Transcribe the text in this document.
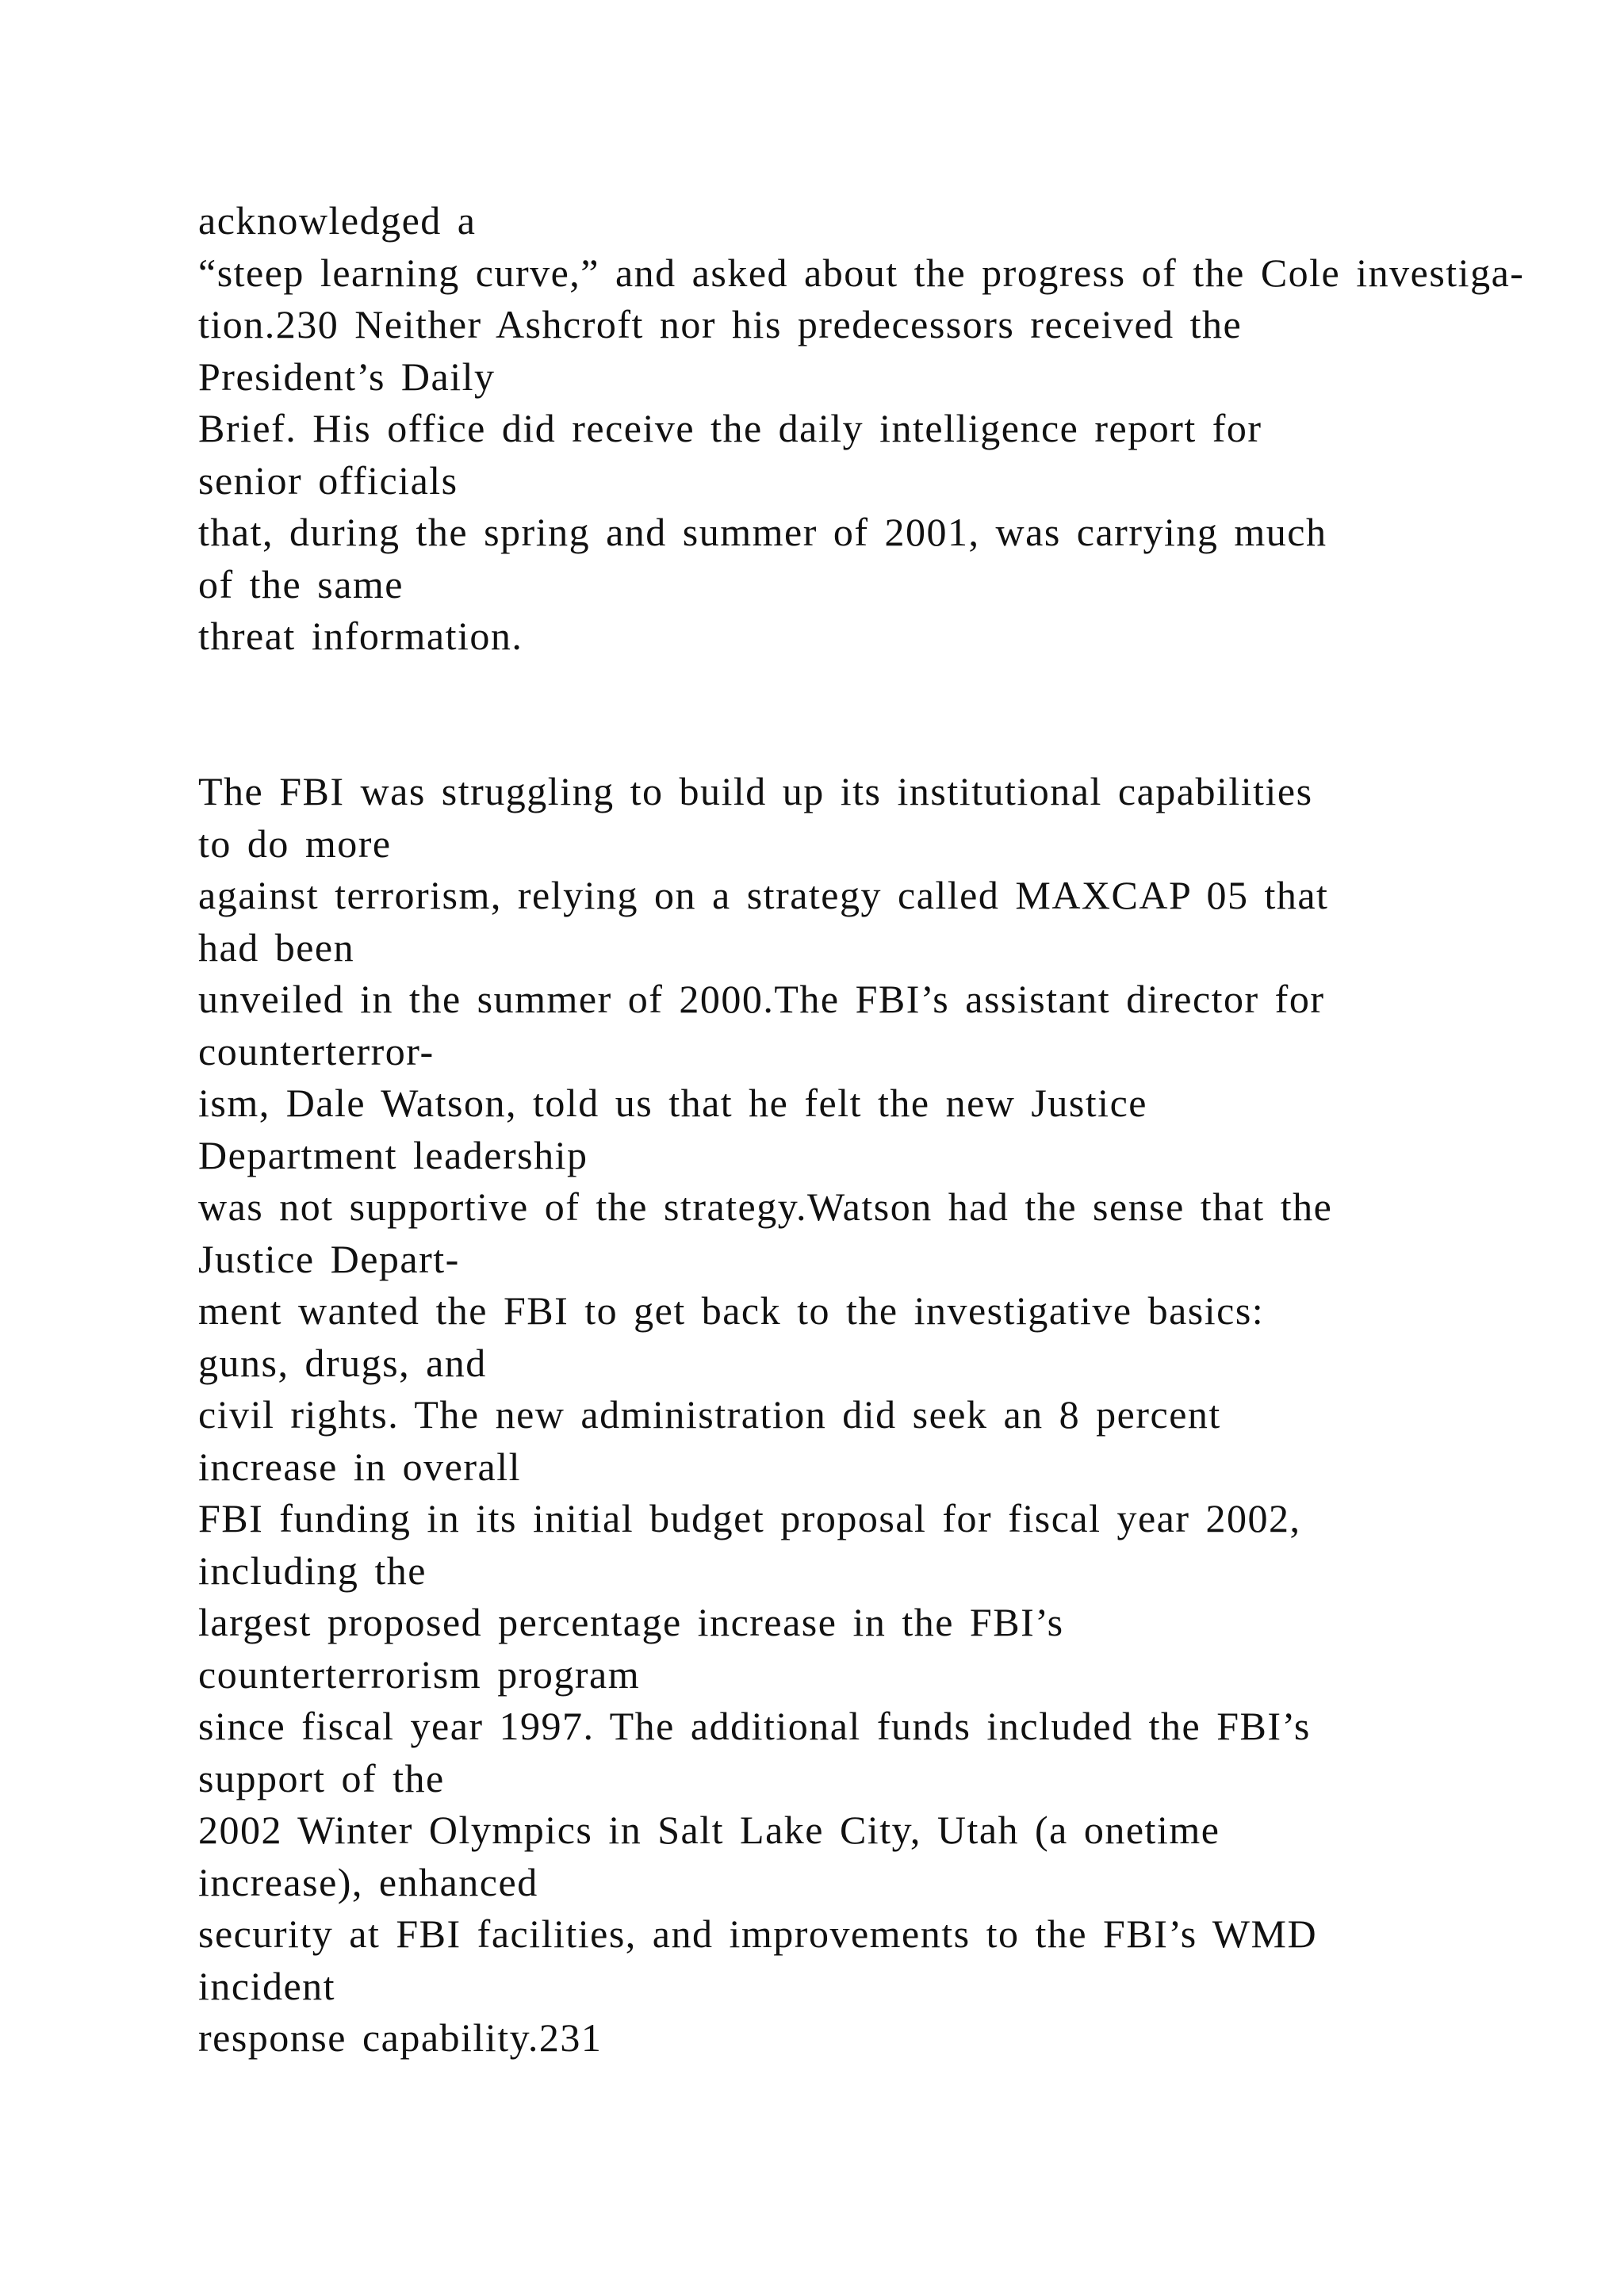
acknowledged a
“steep learning curve,” and asked about the progress of the Cole investiga-
tion.230 Neither Ashcroft nor his predecessors received the
President’s Daily
Brief. His office did receive the daily intelligence report for
senior officials
that, during the spring and summer of 2001, was carrying much
of the same
threat information.
The FBI was struggling to build up its institutional capabilities
to do more
against terrorism, relying on a strategy called MAXCAP 05 that
had been
unveiled in the summer of 2000.The FBI’s assistant director for
counterterror-
ism, Dale Watson, told us that he felt the new Justice
Department leadership
was not supportive of the strategy.Watson had the sense that the
Justice Depart-
ment wanted the FBI to get back to the investigative basics:
guns, drugs, and
civil rights. The new administration did seek an 8 percent
increase in overall
FBI funding in its initial budget proposal for fiscal year 2002,
including the
largest proposed percentage increase in the FBI’s
counterterrorism program
since fiscal year 1997. The additional funds included the FBI’s
support of the
2002 Winter Olympics in Salt Lake City, Utah (a onetime
increase), enhanced
security at FBI facilities, and improvements to the FBI’s WMD
incident
response capability.231
